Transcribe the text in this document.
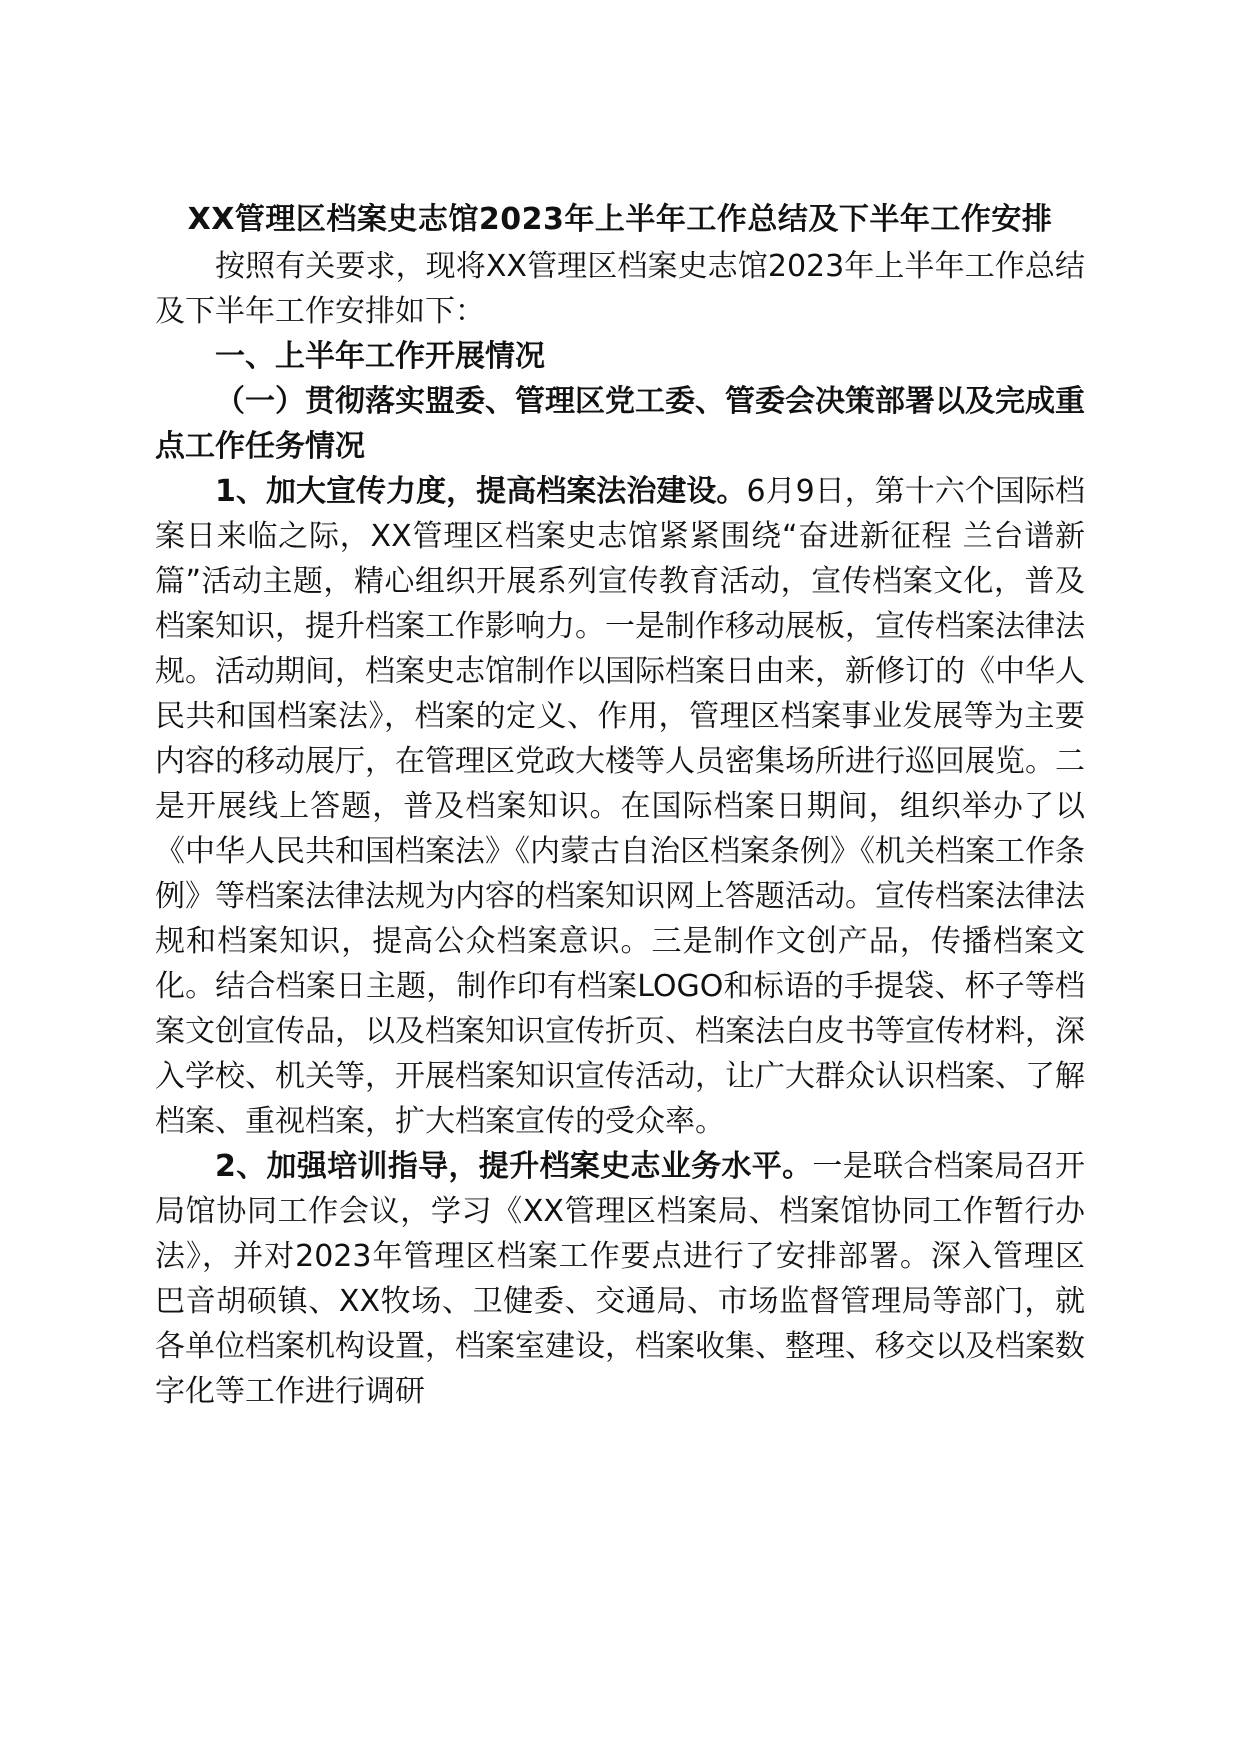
XX管理区档案史志馆2023年上半年工作总结及下半年工作安排

按照有关要求，现将XX管理区档案史志馆2023年上半年工作总结及下半年工作安排如下：

一、上半年工作开展情况

（一）贯彻落实盟委、管理区党工委、管委会决策部署以及完成重点工作任务情况

1、加大宣传力度，提高档案法治建设。6月9日，第十六个国际档案日来临之际，XX管理区档案史志馆紧紧围绕“奋进新征程 兰台谱新篇”活动主题，精心组织开展系列宣传教育活动，宣传档案文化，普及档案知识，提升档案工作影响力。一是制作移动展板，宣传档案法律法规。活动期间，档案史志馆制作以国际档案日由来，新修订的《中华人民共和国档案法》，档案的定义、作用，管理区档案事业发展等为主要内容的移动展厅，在管理区党政大楼等人员密集场所进行巡回展览。二是开展线上答题，普及档案知识。在国际档案日期间，组织举办了以《中华人民共和国档案法》《内蒙古自治区档案条例》《机关档案工作条例》等档案法律法规为内容的档案知识网上答题活动。宣传档案法律法规和档案知识，提高公众档案意识。三是制作文创产品，传播档案文化。结合档案日主题，制作印有档案LOGO和标语的手提袋、杯子等档案文创宣传品，以及档案知识宣传折页、档案法白皮书等宣传材料，深入学校、机关等，开展档案知识宣传活动，让广大群众认识档案、了解档案、重视档案，扩大档案宣传的受众率。

2、加强培训指导，提升档案史志业务水平。一是联合档案局召开局馆协同工作会议，学习《XX管理区档案局、档案馆协同工作暂行办法》，并对2023年管理区档案工作要点进行了安排部署。深入管理区巴音胡硕镇、XX牧场、卫健委、交通局、市场监督管理局等部门，就各单位档案机构设置，档案室建设，档案收集、整理、移交以及档案数字化等工作进行调研
